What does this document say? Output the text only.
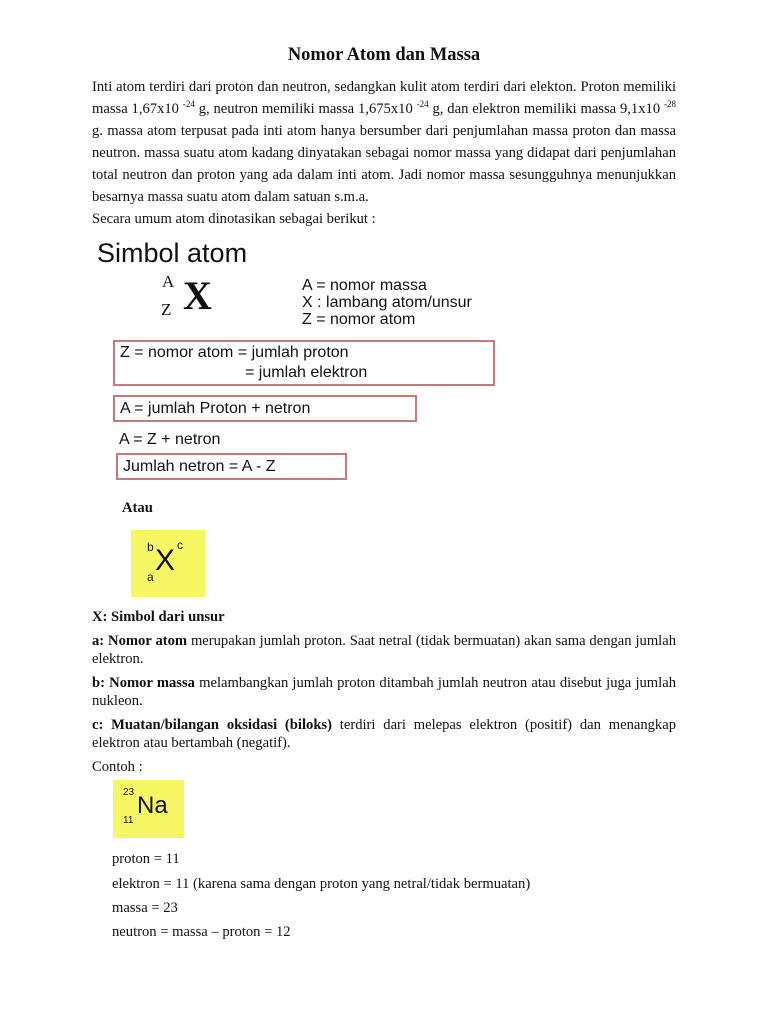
Nomor Atom dan Massa
Inti atom terdiri dari proton dan neutron, sedangkan kulit atom terdiri dari elekton. Proton memiliki massa 1,67x10 $^{-24}$ g, neutron memiliki massa 1,675x10 $^{-24}$ g, dan elektron memiliki massa 9,1x10 $^{-28}$ g. massa atom terpusat pada inti atom hanya bersumber dari penjumlahan massa proton dan massa neutron. massa suatu atom kadang dinyatakan sebagai nomor massa yang didapat dari penjumlahan total neutron dan proton yang ada dalam inti atom. Jadi nomor massa sesungguhnya menunjukkan besarnya massa suatu atom dalam satuan s.m.a.
Secara umum atom dinotasikan sebagai berikut :
Simbol atom
A
Z X	A = nomor massa
X : lambang atom/unsur
Z = nomor atom
Z = nomor atom = jumlah proton
= jumlah elektron
A = jumlah Proton + netron
A = Z + netron
Jumlah netron = A - Z
Atau
b c
X
a
X: Simbol dari unsur
a: Nomor atom merupakan jumlah proton. Saat netral (tidak bermuatan) akan sama dengan jumlah elektron.
b: Nomor massa melambangkan jumlah proton ditambah jumlah neutron atau disebut juga jumlah nukleon.
c: Muatan/bilangan oksidasi (biloks) terdiri dari melepas elektron (positif) dan menangkap elektron atau bertambah (negatif).
Contoh :
23 Na
11
proton = 11
elektron = 11 (karena sama dengan proton yang netral/tidak bermuatan)
massa = 23
neutron = massa – proton = 12
